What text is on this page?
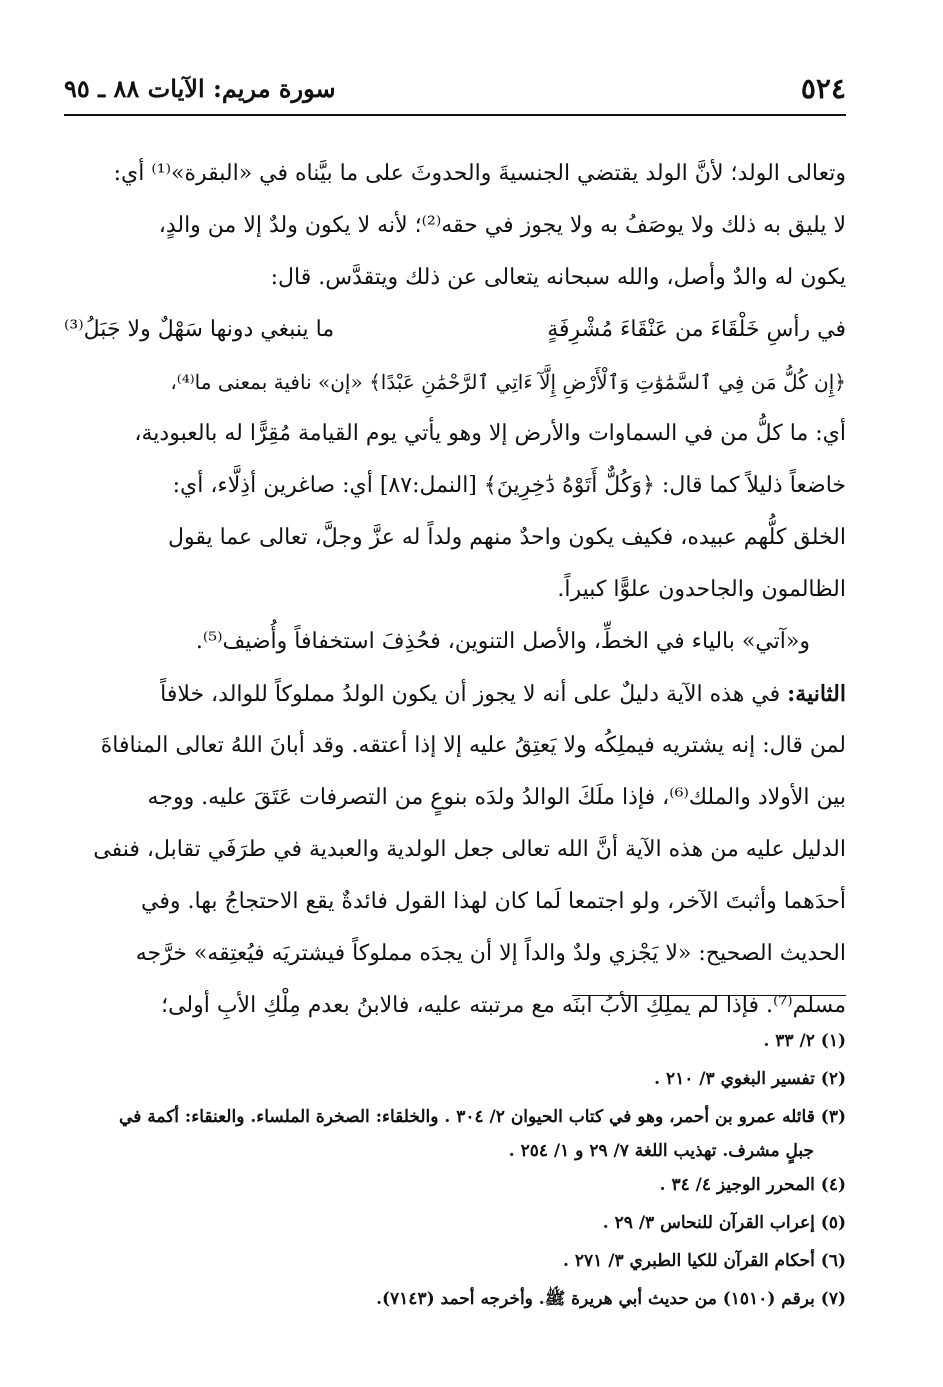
٥٢٤
سورة مريم: الآيات ٨٨ ـ ٩٥
وتعالى الولد؛ لأنَّ الولد يقتضي الجنسيةَ والحدوثَ على ما بيَّناه في «البقرة»⁽¹⁾ أي:
لا يليق به ذلك ولا يوصَفُ به ولا يجوز في حقه⁽²⁾؛ لأنه لا يكون ولدٌ إلا من والدٍ،
يكون له والدٌ وأصل، والله سبحانه يتعالى عن ذلك ويتقدَّس. قال:
في رأسِ خَلْقَاءَ من عَنْقَاءَ مُشْرِفَةٍ
ما ينبغي دونها سَهْلٌ ولا جَبَلُ⁽³⁾
﴿إِن كُلُّ مَن فِي ٱلسَّمَٰوَٰتِ وَٱلْأَرْضِ إِلَّآ ءَاتِي ٱلرَّحْمَٰنِ عَبْدًا﴾ «إن» نافية بمعنى ما⁽⁴⁾،
أي: ما كلُّ من في السماوات والأرض إلا وهو يأتي يوم القيامة مُقِرًّا له بالعبودية،
خاضعاً ذليلاً كما قال: ﴿وَكُلٌّ أَتَوْهُ دَٰخِرِينَ﴾ [النمل:٨٧] أي: صاغرين أذِلَّاء، أي:
الخلق كلُّهم عبيده، فكيف يكون واحدٌ منهم ولداً له عزَّ وجلَّ، تعالى عما يقول
الظالمون والجاحدون علوًّا كبيراً.
و«آتي» بالياء في الخطِّ، والأصل التنوين، فحُذِفَ استخفافاً وأُضيف⁽⁵⁾.
الثانية: في هذه الآية دليلٌ على أنه لا يجوز أن يكون الولدُ مملوكاً للوالد، خلافاً
لمن قال: إنه يشتريه فيملِكُه ولا يَعتِقُ عليه إلا إذا أعتقه. وقد أبانَ اللهُ تعالى المنافاةَ
بين الأولاد والملك⁽⁶⁾، فإذا ملَكَ الوالدُ ولدَه بنوعٍ من التصرفات عَتَقَ عليه. ووجه
الدليل عليه من هذه الآية أنَّ الله تعالى جعل الولدية والعبدية في طرَفَي تقابل، فنفى
أحدَهما وأثبتَ الآخر، ولو اجتمعا لَما كان لهذا القول فائدةٌ يقع الاحتجاجُ بها. وفي
الحديث الصحيح: «لا يَجْزي ولدٌ والداً إلا أن يجدَه مملوكاً فيشتريَه فيُعتِقه» خرَّجه
مسلم⁽⁷⁾. فإذا لم يملِكِ الأبُ ابنَه مع مرتبته عليه، فالابنُ بعدم مِلْكِ الأبِ أولى؛
(١) ٢/ ٣٣ .
(٢) تفسير البغوي ٣/ ٢١٠ .
(٣) قائله عمرو بن أحمر، وهو في كتاب الحيوان ٢/ ٣٠٤ . والخلقاء: الصخرة الملساء. والعنقاء: أكمة في
جبلٍ مشرف. تهذيب اللغة ٧/ ٢٩ و ١/ ٢٥٤ .
(٤) المحرر الوجيز ٤/ ٣٤ .
(٥) إعراب القرآن للنحاس ٣/ ٢٩ .
(٦) أحكام القرآن للكيا الطبري ٣/ ٢٧١ .
(٧) برقم (١٥١٠) من حديث أبي هريرة ﷺ. وأخرجه أحمد (٧١٤٣).
